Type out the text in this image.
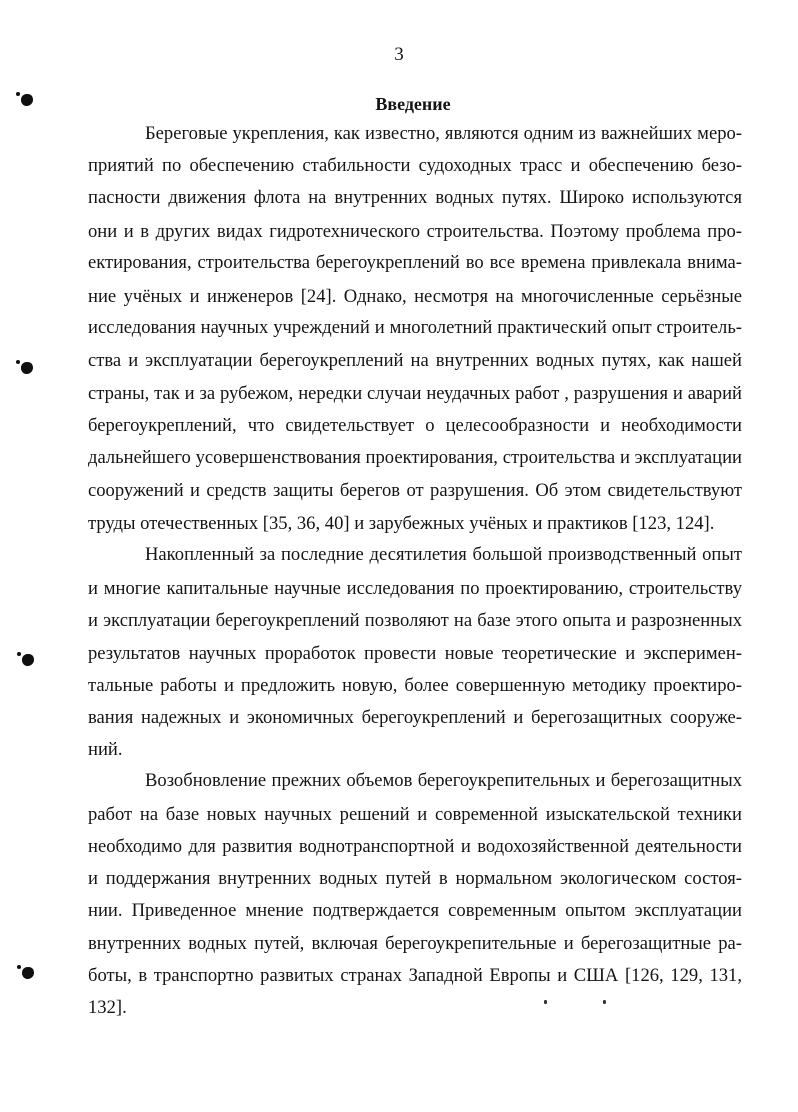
3
Введение
Береговые укрепления, как известно, являются одним из важнейших меро-
приятий по обеспечению стабильности судоходных трасс и обеспечению безо-
пасности движения флота на внутренних водных путях. Широко используются
они и в других видах гидротехнического строительства. Поэтому проблема про-
ектирования, строительства берегоукреплений во все времена привлекала внима-
ние учёных и инженеров [24]. Однако, несмотря на многочисленные серьёзные
исследования научных учреждений и многолетний практический опыт строитель-
ства и эксплуатации берегоукреплений на внутренних водных путях, как нашей
страны, так и за рубежом, нередки случаи неудачных работ , разрушения и аварий
берегоукреплений, что свидетельствует о целесообразности и необходимости
дальнейшего усовершенствования проектирования, строительства и эксплуатации
сооружений и средств защиты берегов от разрушения. Об этом свидетельствуют
труды отечественных [35, 36, 40] и зарубежных учёных и практиков [123, 124].
Накопленный за последние десятилетия большой производственный опыт
и многие капитальные научные исследования по проектированию, строительству
и эксплуатации берегоукреплений позволяют на базе этого опыта и разрозненных
результатов научных проработок провести новые теоретические и эксперимен-
тальные работы и предложить новую, более совершенную методику проектиро-
вания надежных и экономичных берегоукреплений и берегозащитных сооруже-
ний.
Возобновление прежних объемов берегоукрепительных и берегозащитных
работ на базе новых научных решений и современной изыскательской техники
необходимо для развития воднотранспортной и водохозяйственной деятельности
и поддержания внутренних водных путей в нормальном экологическом состоя-
нии. Приведенное мнение подтверждается современным опытом эксплуатации
внутренних водных путей, включая берегоукрепительные и берегозащитные ра-
боты, в транспортно развитых странах Западной Европы и США [126, 129, 131,
132].
